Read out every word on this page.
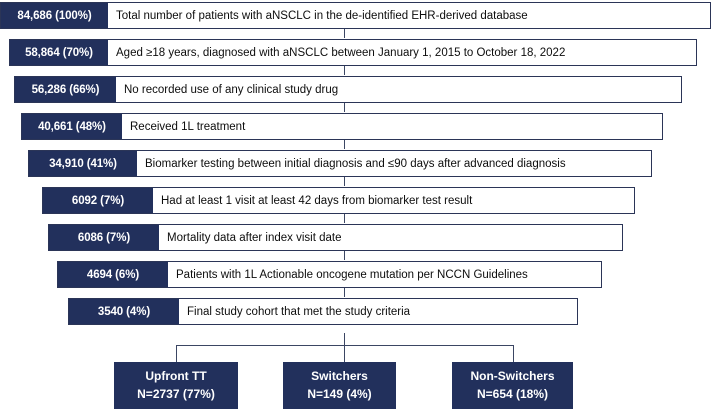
84,686 (100%)	Total number of patients with aNSCLC in the de-identified EHR-derived database
58,864 (70%)	Aged ≥18 years, diagnosed with aNSCLC between January 1, 2015 to October 18, 2022
56,286 (66%)	No recorded use of any clinical study drug
40,661 (48%)	Received 1L treatment
34,910 (41%)	Biomarker testing between initial diagnosis and ≤90 days after advanced diagnosis
6092 (7%)	Had at least 1 visit at least 42 days from biomarker test result
6086 (7%)	Mortality data after index visit date
4694 (6%)	Patients with 1L Actionable oncogene mutation per NCCN Guidelines
3540 (4%)	Final study cohort that met the study criteria
Upfront TT
N=2737 (77%)
Switchers
N=149 (4%)
Non-Switchers
N=654 (18%)
